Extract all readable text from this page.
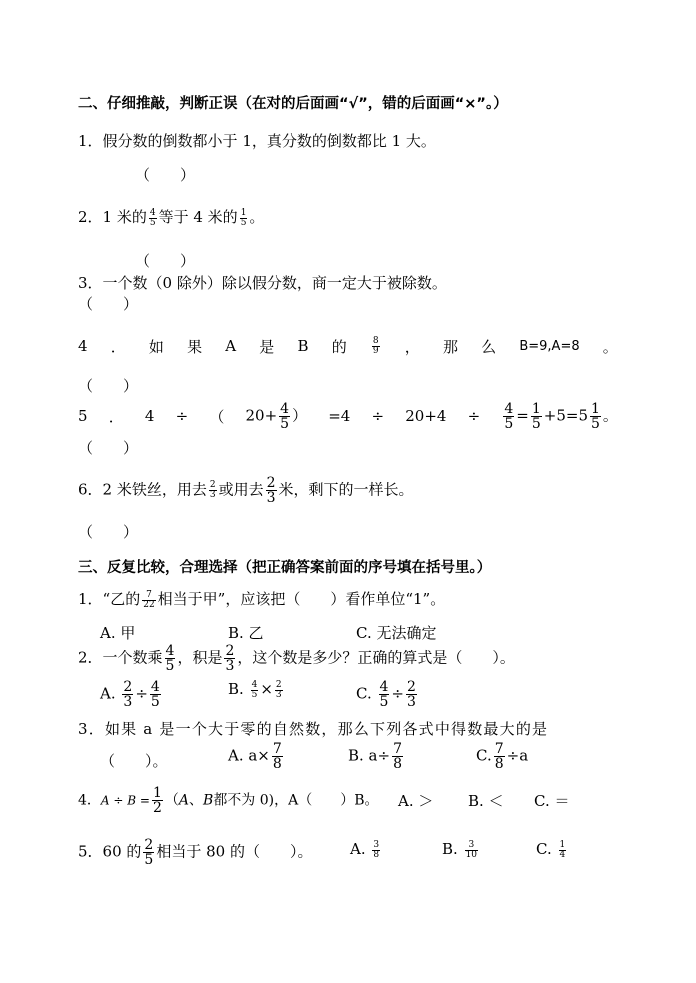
二、仔细推敲，判断正误（在对的后面画“√”，错的后面画“×”。）
1．假分数的倒数都小于 1，真分数的倒数都比 1 大。
（　　）
2．1 米的 $\frac{4}{5}$ 等于 4 米的 $\frac{1}{5}$ 。
（　　）
3．一个数（0 除外）除以假分数，商一定大于被除数。
（　　）
4 ． 如 果 A 是 B 的	$\frac{8}{9}$ ， 那 么 B=9,A=8 。
（　　）
5 ． 4 ÷ （ $20+ \frac{4}{5}$ ） $=4 \div 20+4 \div \frac{4}{5} = \frac{1}{5} +5=5 \frac{1}{5}$ 。
（　　）
6．2 米铁丝，用去 $\frac{2}{3}$ 或用去 $\frac{2}{3}$ 米，剩下的一样长。
（　　）
三、反复比较，合理选择（把正确答案前面的序号填在括号里。）
1．“乙的 $\frac{7}{22}$ 相当于甲”，应该把（　　）看作单位“1”。
A. 甲	B. 乙	C. 无法确定
2．一个数乘 $\frac{4}{5}$ ，积是 $\frac{2}{3}$ ，这个数是多少？正确的算式是（　　）。
A. $\frac{2}{3} \div \frac{4}{5}$	B. $\frac{4}{5} \times \frac{2}{3}$	C. $\frac{4}{5} \div \frac{2}{3}$
3．如果 a 是一个大于零的自然数，那么下列各式中得数最大的是
（　　）。	A. $a\times \frac{7}{8}$	B. $a\div \frac{7}{8}$	C. $\frac{7}{8} \div a$
4．$A \div B = \frac{1}{2} (A$、B都不为 0)，A（　　）B。 A. ＞ B. ＜ C. ＝
5．60 的 $\frac{2}{5}$ 相当于 80 的（　　）。	A. $\frac{3}{8}$	B. $\frac{3}{10}$	C. $\frac{1}{4}$
